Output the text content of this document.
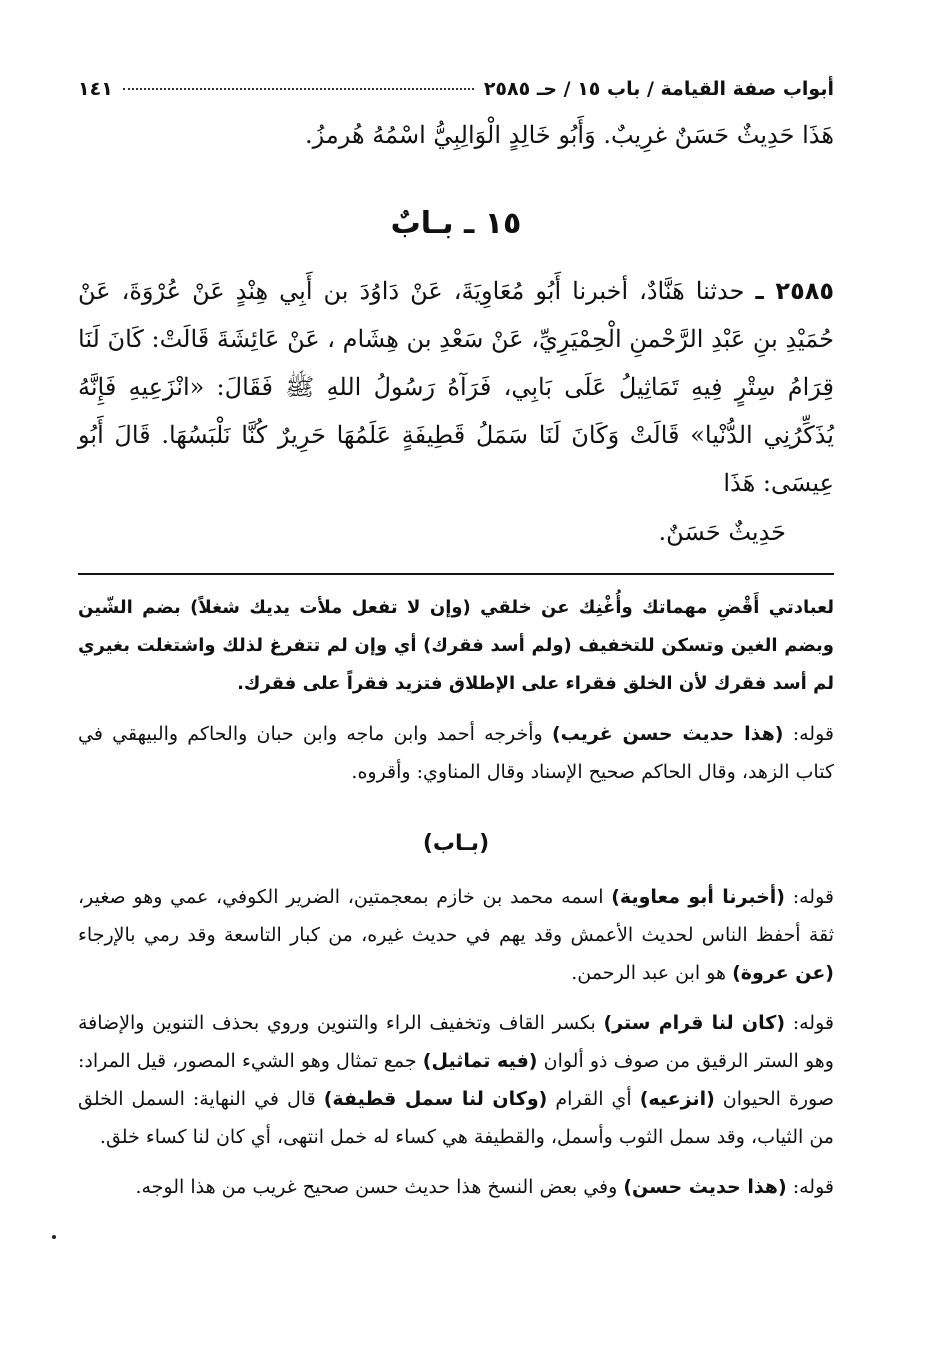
أبواب صفة القيامة / باب ١٥ / حـ ٢٥٨٥
١٤١
هَذَا حَدِيثٌ حَسَنٌ غرِيبٌ. وَأَبُو خَالِدٍ الْوَالِبِيُّ اسْمُهُ هُرمزُ.
١٥ ـ بـابٌ
٢٥٨٥ ـ حدثنا هَنَّادٌ، أخبرنا أَبُو مُعَاوِيَةَ، عَنْ دَاوُدَ بن أَبِي هِنْدٍ عَنْ عُرْوَةَ، عَنْ حُمَيْدِ بنِ عَبْدِ الرَّحْمنِ الْحِمْيَرِيِّ، عَنْ سَعْدِ بن هِشَام ، عَنْ عَائِشَةَ قَالَتْ: كَانَ لَنَا قِرَامُ سِتْرٍ فِيهِ تَمَاثِيلُ عَلَى بَابِي، فَرَآهُ رَسُولُ اللهِ ﷺ فَقَالَ: «انْزَعِيهِ فَإِنَّهُ يُذَكِّرُنِي الدُّنْيا» قَالَتْ وَكَانَ لَنَا سَمَلُ قَطِيفَةٍ عَلَمُهَا حَرِيرٌ كُنَّا نَلْبَسُهَا. قَالَ أَبُو عِيسَى: هَذَا
حَدِيثٌ حَسَنٌ.

لعبادتي أَقْضِ مهماتك وأُغْنِك عن خلقي (وإن لا تفعل ملأت يديك شغلاً) بضم الشّين وبضم الغين وتسكن للتخفيف (ولم أسد فقرك) أي وإن لم تتفرغ لذلك واشتغلت بغيري لم أسد فقرك لأن الخلق فقراء على الإطلاق فتزيد فقراً على فقرك.

قوله: (هذا حديث حسن غريب) وأخرجه أحمد وابن ماجه وابن حبان والحاكم والبيهقي في كتاب الزهد، وقال الحاكم صحيح الإسناد وقال المناوي: وأقروه.

(بـاب)

قوله: (أخبرنا أبو معاوية) اسمه محمد بن خازم بمعجمتين، الضرير الكوفي، عمي وهو صغير، ثقة أحفظ الناس لحديث الأعمش وقد يهم في حديث غيره، من كبار التاسعة وقد رمي بالإرجاء (عن عروة) هو ابن عبد الرحمن.

قوله: (كان لنا قرام ستر) بكسر القاف وتخفيف الراء والتنوين وروي بحذف التنوين والإضافة وهو الستر الرقيق من صوف ذو ألوان (فيه تماثيل) جمع تمثال وهو الشيء المصور، قيل المراد: صورة الحيوان (انزعيه) أي القرام (وكان لنا سمل قطيفة) قال في النهاية: السمل الخلق من الثياب، وقد سمل الثوب وأسمل، والقطيفة هي كساء له خمل انتهى، أي كان لنا كساء خلق.

قوله: (هذا حديث حسن) وفي بعض النسخ هذا حديث حسن صحيح غريب من هذا الوجه.
